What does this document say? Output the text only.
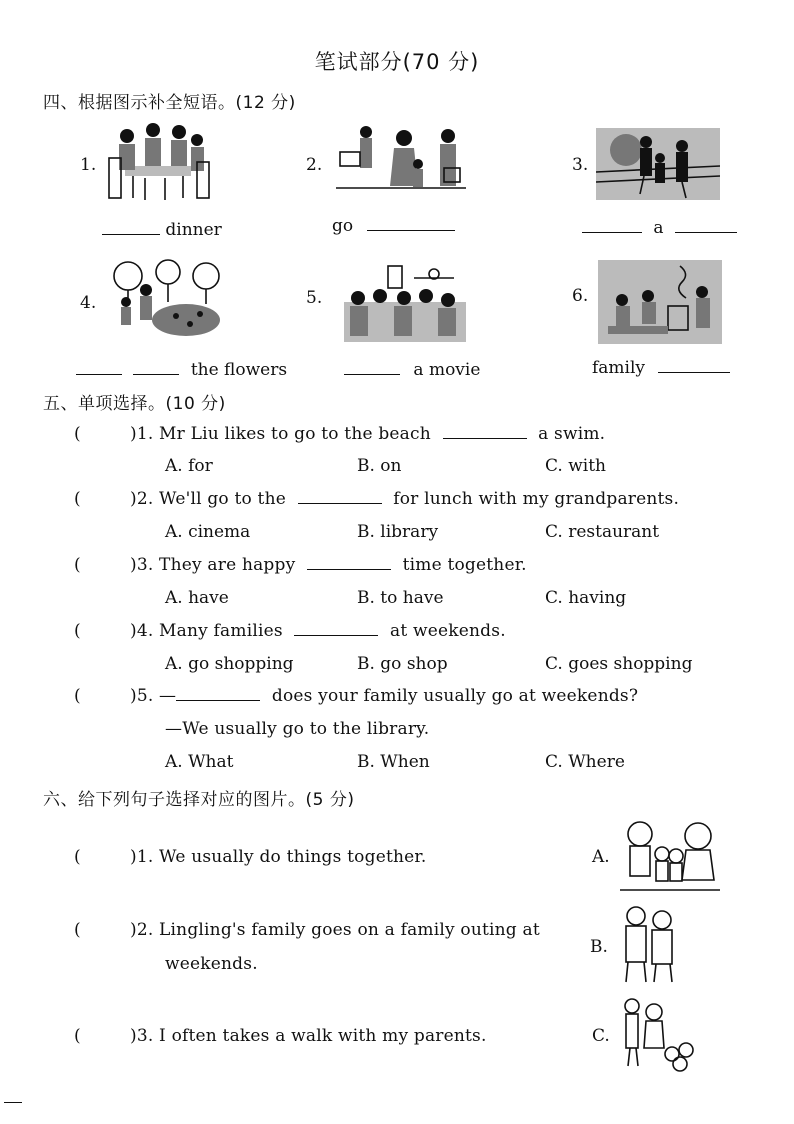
笔试部分(70 分)
四、根据图示补全短语。(12 分)
1.
dinner
2.
go
3.
a
4.
the flowers
5.
a movie
6.
family
五、单项选择。(10 分)
(	)1. Mr Liu likes to go to the beach	a swim.
A. for	B. on	C. with
(	)2. We'll go to the	for lunch with my grandparents.
A. cinema	B. library	C. restaurant
(	)3. They are happy	time together.
A. have	B. to have	C. having
(	)4. Many families	at weekends.
A. go shopping	B. go shop	C. goes shopping
(	)5. —	does your family usually go at weekends?
—We usually go to the library.
A. What	B. When	C. Where
六、给下列句子选择对应的图片。(5 分)
(	)1. We usually do things together.	A.
(	)2. Lingling's family goes on a family outing at
weekends.
B.
(	)3. I often takes a walk with my parents.	C.
